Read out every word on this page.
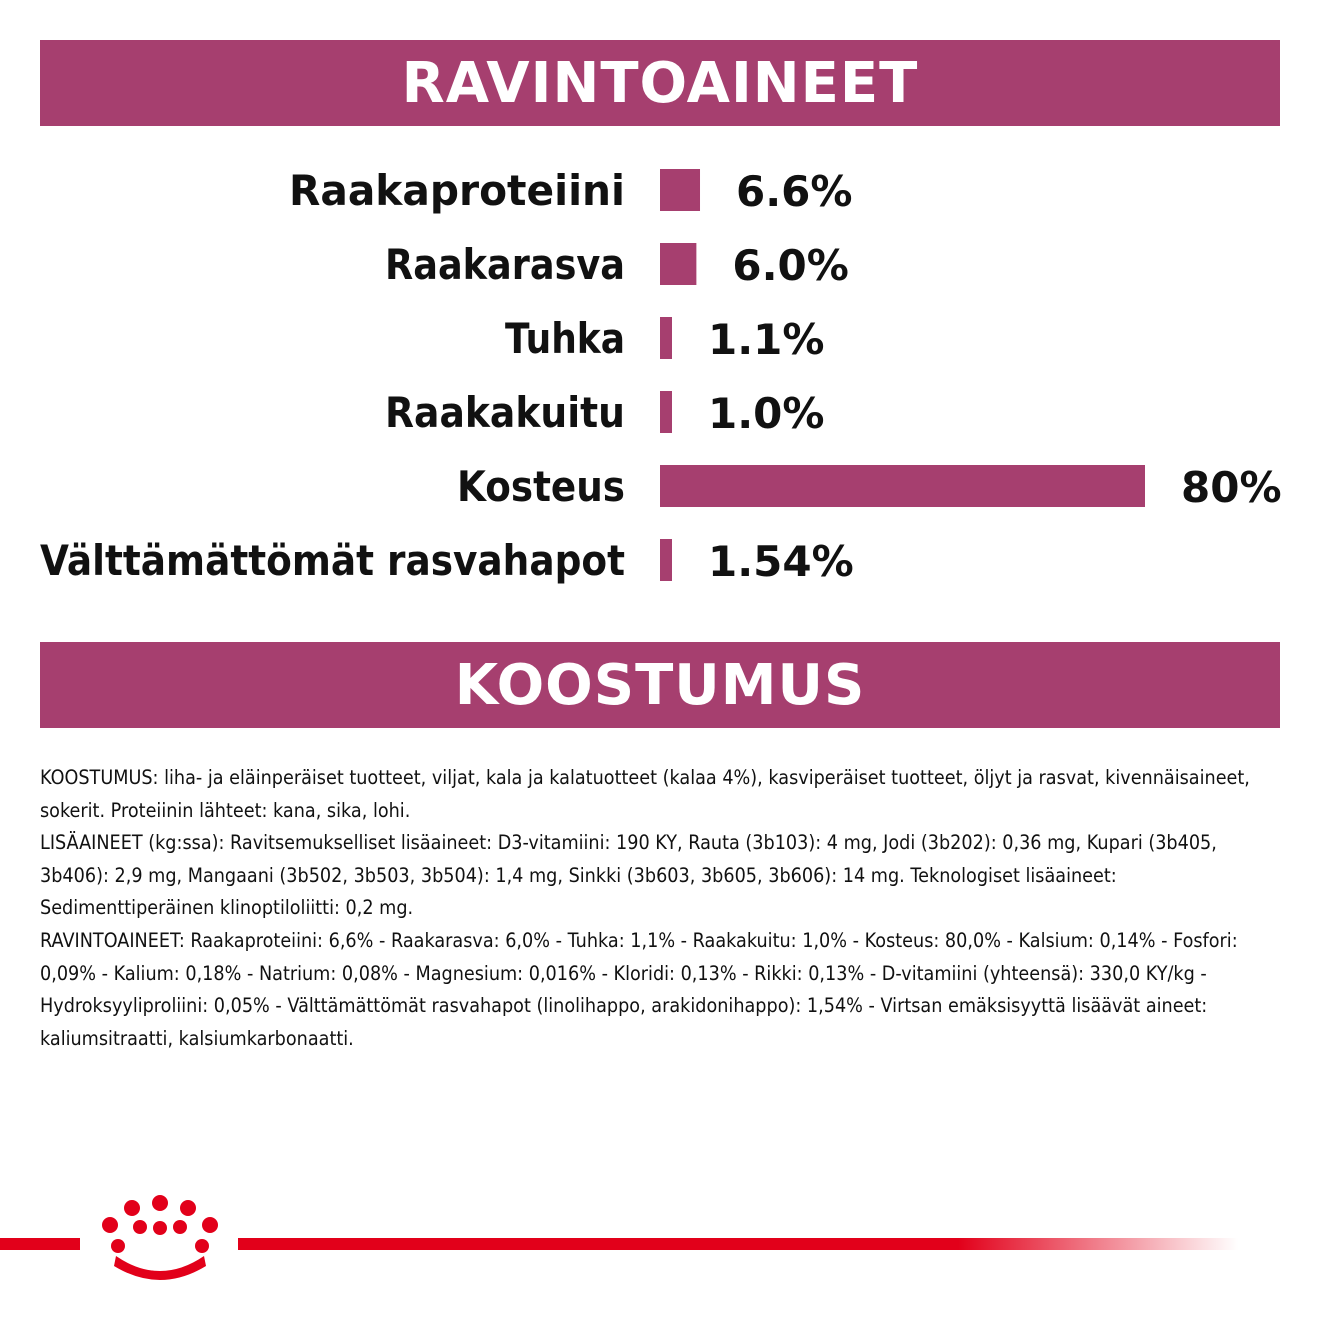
RAVINTOAINEET
Raakaproteiini	6.6%
Raakarasva	6.0%
Tuhka 1.1%
Raakakuitu 1.0%
Kosteus	80%
Välttämättömät rasvahapot 1.54%
KOOSTUMUS

KOOSTUMUS: liha- ja eläinperäiset tuotteet, viljat, kala ja kalatuotteet (kalaa 4%), kasviperäiset tuotteet, öljyt ja rasvat, kivennäisaineet, sokerit. Proteiinin lähteet: kana, sika, lohi.

LISÄAINEET (kg:ssa): Ravitsemukselliset lisäaineet: D3-vitamiini: 190 KY, Rauta (3b103): 4 mg, Jodi (3b202): 0,36 mg, Kupari (3b405, 3b406): 2,9 mg, Mangaani (3b502, 3b503, 3b504): 1,4 mg, Sinkki (3b603, 3b605, 3b606): 14 mg. Teknologiset lisäaineet: Sedimenttiperäinen klinoptiloliitti: 0,2 mg.

RAVINTOAINEET: Raakaproteiini: 6,6% - Raakarasva: 6,0% - Tuhka: 1,1% - Raakakuitu: 1,0% - Kosteus: 80,0% - Kalsium: 0,14% - Fosfori: 0,09% - Kalium: 0,18% - Natrium: 0,08% - Magnesium: 0,016% - Kloridi: 0,13% - Rikki: 0,13% - D-vitamiini (yhteensä): 330,0 KY/kg - Hydroksyyliproliini: 0,05% - Välttämättömät rasvahapot (linolihappo, arakidonihappo): 1,54% - Virtsan emäksisyyttä lisäävät aineet: kaliumsitraatti, kalsiumkarbonaatti.
